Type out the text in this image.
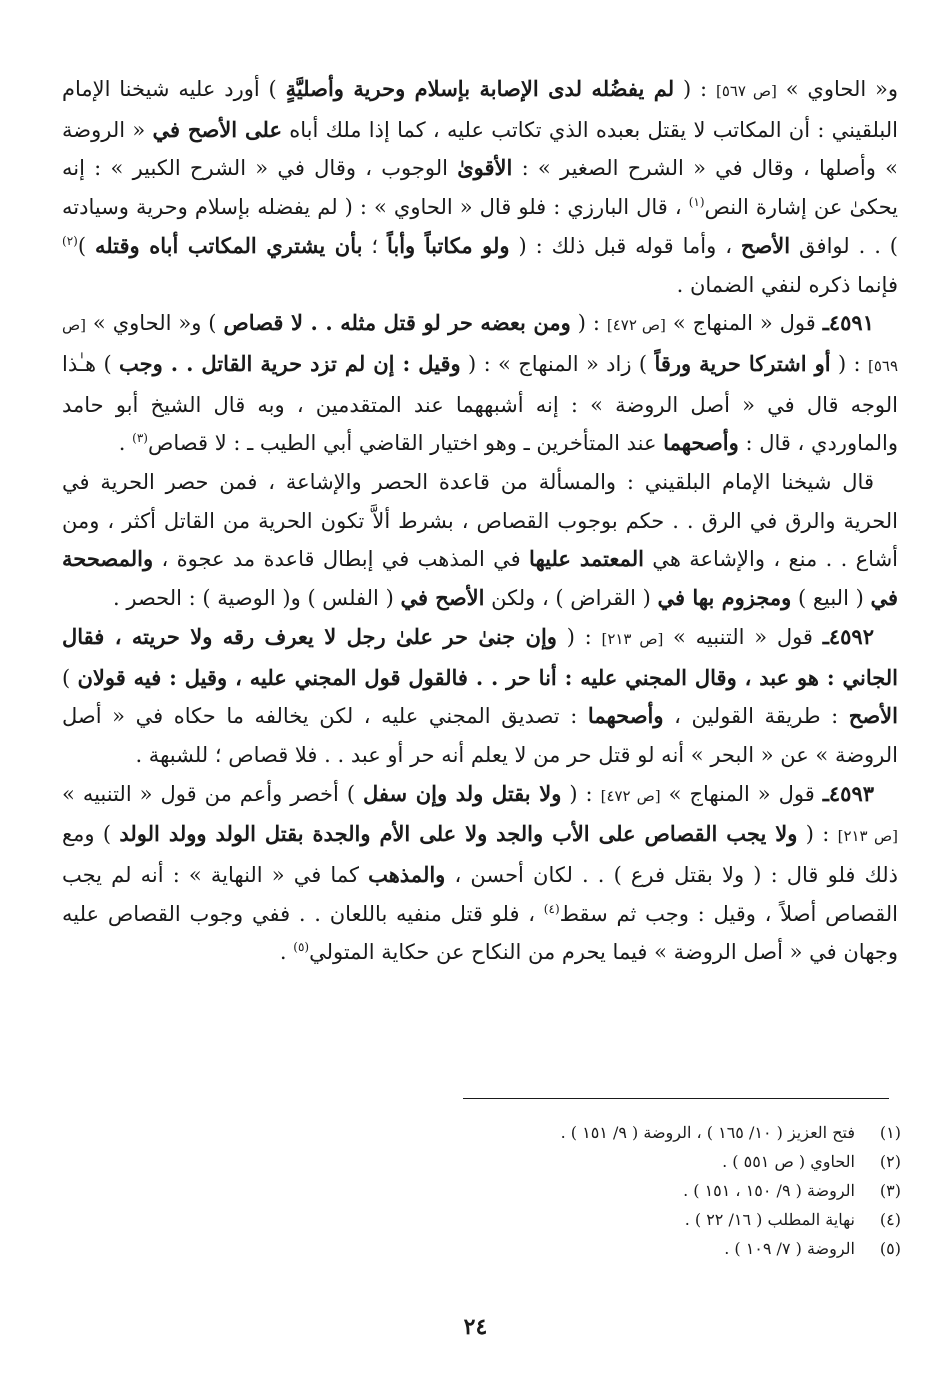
و« الحاوي » [ص ٥٦٧] : ( لم يفضُله لدى الإصابة بإسلام وحرية وأصليَّةٍ ) أورد عليه شيخنا الإمام البلقيني : أن المكاتب لا يقتل بعبده الذي تكاتب عليه ، كما إذا ملك أباه على الأصح في « الروضة » وأصلها ، وقال في « الشرح الصغير » : الأقوىٰ الوجوب ، وقال في « الشرح الكبير » : إنه يحكىٰ عن إشارة النص$^{(١)}$ ، قال البارزي : فلو قال « الحاوي » : ( لم يفضله بإسلام وحرية وسيادته ) . . لوافق الأصح ، وأما قوله قبل ذلك : ( ولو مكاتباً وأباً ؛ بأن يشتري المكاتب أباه وقتله )$^{(٢)}$ فإنما ذكره لنفي الضمان .

٤٥٩١ـ قول « المنهاج » [ص ٤٧٢] : ( ومن بعضه حر لو قتل مثله . . لا قصاص ) و« الحاوي » [ص ٥٦٩] : ( أو اشتركا حرية ورقاً ) زاد « المنهاج » : ( وقيل : إن لم تزد حرية القاتل . . وجب ) هـٰذا الوجه قال في « أصل الروضة » : إنه أشبههما عند المتقدمين ، وبه قال الشيخ أبو حامد والماوردي ، قال : وأصحهما عند المتأخرين ـ وهو اختيار القاضي أبي الطيب ـ : لا قصاص$^{(٣)}$ .

قال شيخنا الإمام البلقيني : والمسألة من قاعدة الحصر والإشاعة ، فمن حصر الحرية في الحرية والرق في الرق . . حكم بوجوب القصاص ، بشرط ألاَّ تكون الحرية من القاتل أكثر ، ومن أشاع . . منع ، والإشاعة هي المعتمد عليها في المذهب في إبطال قاعدة مد عجوة ، والمصححة في ( البيع ) ومجزوم بها في ( القراض ) ، ولكن الأصح في ( الفلس ) و( الوصية ) : الحصر .

٤٥٩٢ـ قول « التنبيه » [ص ٢١٣] : ( وإن جنىٰ حر علىٰ رجل لا يعرف رقه ولا حريته ، فقال الجاني : هو عبد ، وقال المجني عليه : أنا حر . . فالقول قول المجني عليه ، وقيل : فيه قولان ) الأصح : طريقة القولين ، وأصحهما : تصديق المجني عليه ، لكن يخالفه ما حكاه في « أصل الروضة » عن « البحر » أنه لو قتل حر من لا يعلم أنه حر أو عبد . . فلا قصاص ؛ للشبهة .

٤٥٩٣ـ قول « المنهاج » [ص ٤٧٢] : ( ولا بقتل ولد وإن سفل ) أخصر وأعم من قول « التنبيه » [ص ٢١٣] : ( ولا يجب القصاص على الأب والجد ولا على الأم والجدة بقتل الولد وولد الولد ) ومع ذلك فلو قال : ( ولا بقتل فرع ) . . لكان أحسن ، والمذهب كما في « النهاية » : أنه لم يجب القصاص أصلاً ، وقيل : وجب ثم سقط$^{(٤)}$ ، فلو قتل منفيه باللعان . . ففي وجوب القصاص عليه وجهان في « أصل الروضة » فيما يحرم من النكاح عن حكاية المتولي$^{(٥)}$ .

(١)
فتح العزيز ( ١٠/ ١٦٥ ) ، الروضة ( ٩/ ١٥١ ) .
(٢)
الحاوي ( ص ٥٥١ ) .
(٣)
الروضة ( ٩/ ١٥٠ ، ١٥١ ) .
(٤)
نهاية المطلب ( ١٦/ ٢٢ ) .
(٥)
الروضة ( ٧/ ١٠٩ ) .
٢٤
